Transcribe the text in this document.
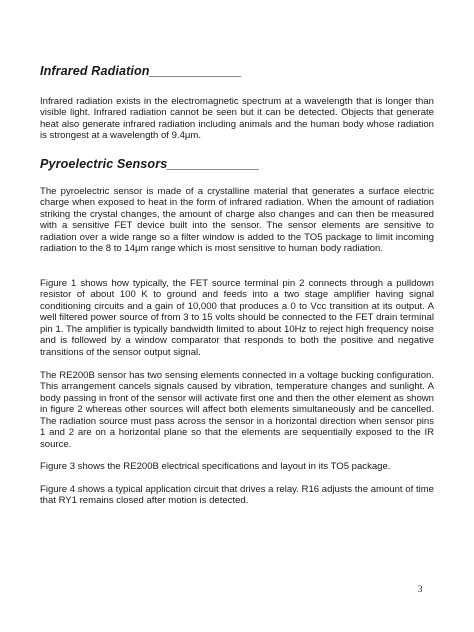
Infrared Radiation_____________

Infrared radiation exists in the electromagnetic spectrum at a wavelength that is longer than visible light. Infrared radiation cannot be seen but it can be detected. Objects that generate heat also generate infrared radiation including animals and the human body whose radiation is strongest at a wavelength of 9.4μm.

Pyroelectric Sensors_____________

The pyroelectric sensor is made of a crystalline material that generates a surface electric charge when exposed to heat in the form of infrared radiation. When the amount of radiation striking the crystal changes, the amount of charge also changes and can then be measured with a sensitive FET device built into the sensor. The sensor elements are sensitive to radiation over a wide range so a filter window is added to the TO5 package to limit incoming radiation to the 8 to 14μm range which is most sensitive to human body radiation.

Figure 1 shows how typically, the FET source terminal pin 2 connects through a pulldown resistor of about 100 K to ground and feeds into a two stage amplifier having signal conditioning circuits and a gain of 10,000 that produces a 0 to Vcc transition at its output. A well filtered power source of from 3 to 15 volts should be connected to the FET drain terminal pin 1. The amplifier is typically bandwidth limited to about 10Hz to reject high frequency noise and is followed by a window comparator that responds to both the positive and negative transitions of the sensor output signal.

The RE200B sensor has two sensing elements connected in a voltage bucking configuration. This arrangement cancels signals caused by vibration, temperature changes and sunlight. A body passing in front of the sensor will activate first one and then the other element as shown in figure 2 whereas other sources will affect both elements simultaneously and be cancelled. The radiation source must pass across the sensor in a horizontal direction when sensor pins 1 and 2 are on a horizontal plane so that the elements are sequentially exposed to the IR source.

Figure 3 shows the RE200B electrical specifications and layout in its TO5 package.

Figure 4 shows a typical application circuit that drives a relay. R16 adjusts the amount of time that RY1 remains closed after motion is detected.

3
